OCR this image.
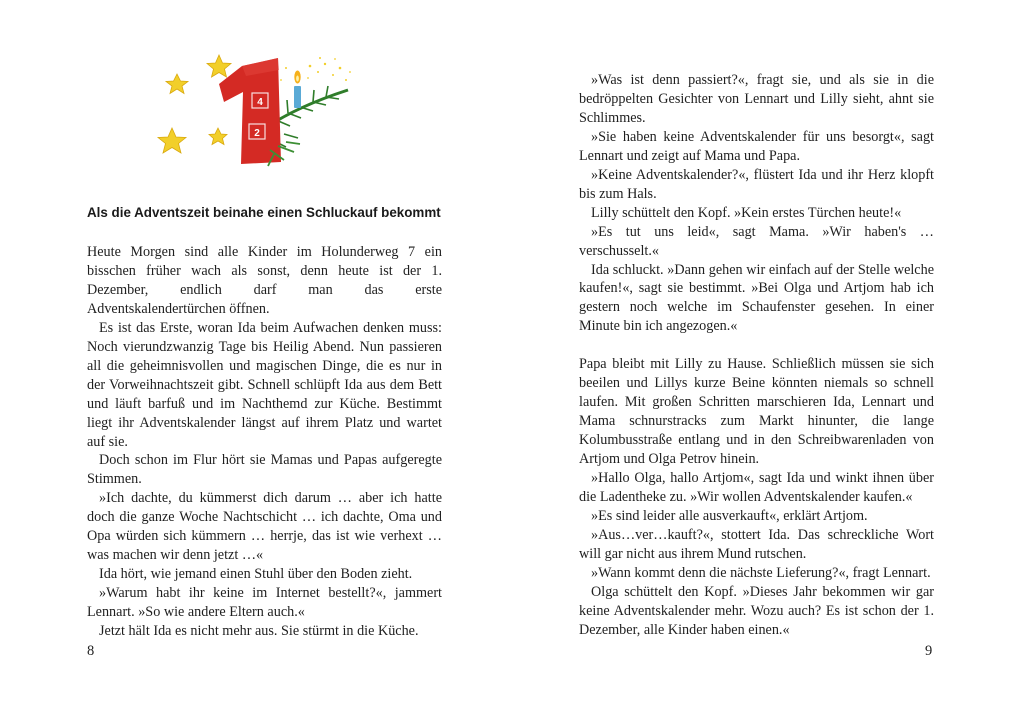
4
2
Als die Adventszeit beinahe einen Schluckauf bekommt

Heute Morgen sind alle Kinder im Holunderweg 7 ein bisschen früher wach als sonst, denn heute ist der 1. Dezember, endlich darf man das erste Adventskalendertürchen öffnen.

Es ist das Erste, woran Ida beim Aufwachen denken muss: Noch vierundzwanzig Tage bis Heilig Abend. Nun passieren all die geheimnisvollen und magischen Dinge, die es nur in der Vorweihnachtszeit gibt. Schnell schlüpft Ida aus dem Bett und läuft barfuß und im Nachthemd zur Küche. Bestimmt liegt ihr Adventskalender längst auf ihrem Platz und wartet auf sie.

Doch schon im Flur hört sie Mamas und Papas aufgeregte Stimmen.

»Ich dachte, du kümmerst dich darum … aber ich hatte doch die ganze Woche Nachtschicht … ich dachte, Oma und Opa würden sich kümmern … herrje, das ist wie verhext … was machen wir denn jetzt …«

Ida hört, wie jemand einen Stuhl über den Boden zieht.

»Warum habt ihr keine im Internet bestellt?«, jammert Lennart. »So wie andere Eltern auch.«

Jetzt hält Ida es nicht mehr aus. Sie stürmt in die Küche.

8

»Was ist denn passiert?«, fragt sie, und als sie in die bedröppelten Gesichter von Lennart und Lilly sieht, ahnt sie Schlimmes.

»Sie haben keine Adventskalender für uns besorgt«, sagt Lennart und zeigt auf Mama und Papa.

»Keine Adventskalender?«, flüstert Ida und ihr Herz klopft bis zum Hals.

Lilly schüttelt den Kopf. »Kein erstes Türchen heute!«

»Es tut uns leid«, sagt Mama. »Wir haben's … verschusselt.«

Ida schluckt. »Dann gehen wir einfach auf der Stelle welche kaufen!«, sagt sie bestimmt. »Bei Olga und Artjom hab ich gestern noch welche im Schaufenster gesehen. In einer Minute bin ich angezogen.«

Papa bleibt mit Lilly zu Hause. Schließlich müssen sie sich beeilen und Lillys kurze Beine könnten niemals so schnell laufen. Mit großen Schritten marschieren Ida, Lennart und Mama schnurstracks zum Markt hinunter, die lange Kolumbusstraße entlang und in den Schreibwarenladen von Artjom und Olga Petrov hinein.

»Hallo Olga, hallo Artjom«, sagt Ida und winkt ihnen über die Ladentheke zu. »Wir wollen Adventskalender kaufen.«

»Es sind leider alle ausverkauft«, erklärt Artjom.

»Aus…ver…kauft?«, stottert Ida. Das schreckliche Wort will gar nicht aus ihrem Mund rutschen.

»Wann kommt denn die nächste Lieferung?«, fragt Lennart.

Olga schüttelt den Kopf. »Dieses Jahr bekommen wir gar keine Adventskalender mehr. Wozu auch? Es ist schon der 1. Dezember, alle Kinder haben einen.«

9
